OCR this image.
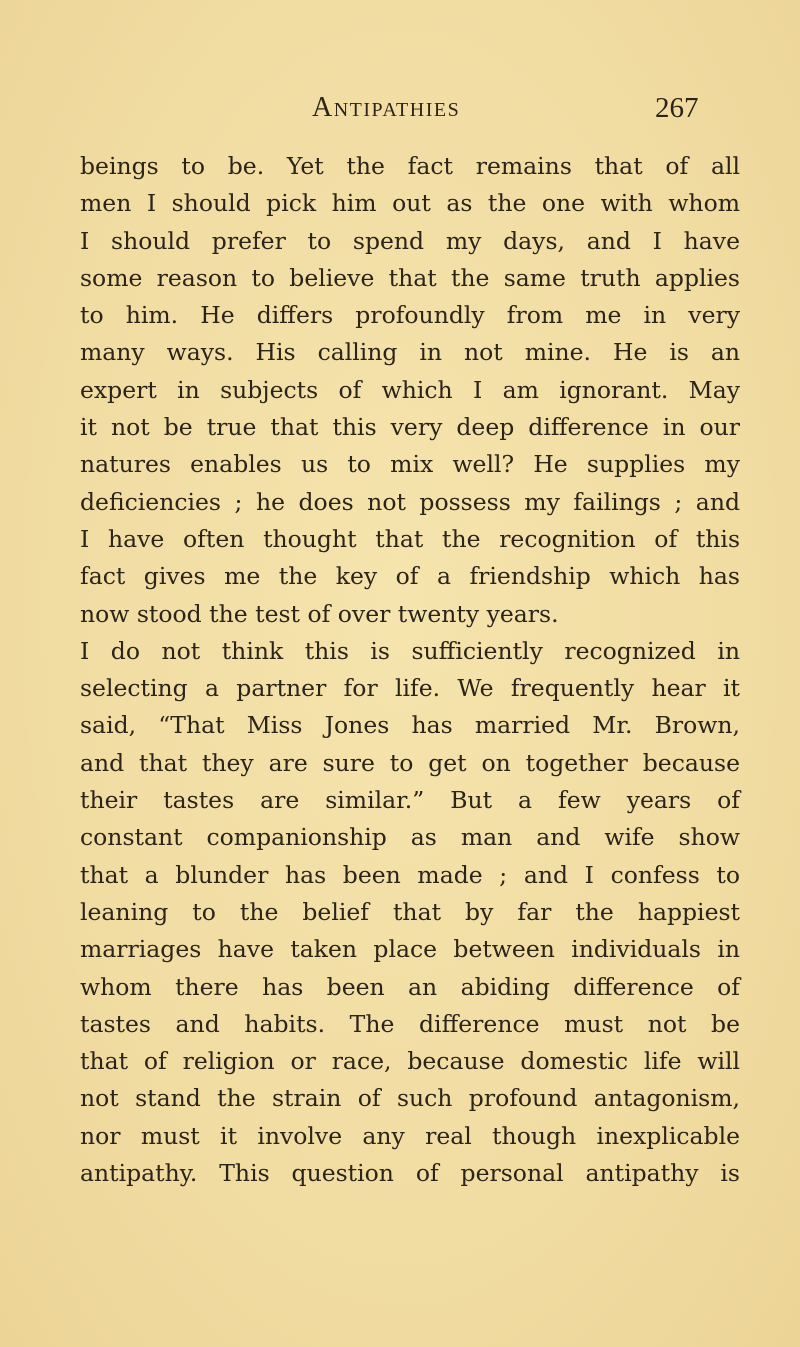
Antipathies	267
beings to be. Yet the fact remains that of all
men I should pick him out as the one with whom
I should prefer to spend my days, and I have
some reason to believe that the same truth applies
to him. He differs profoundly from me in very
many ways. His calling in not mine. He is an
expert in subjects of which I am ignorant. May
it not be true that this very deep difference in our
natures enables us to mix well? He supplies my
deficiencies ; he does not possess my failings ; and
I have often thought that the recognition of this
fact gives me the key of a friendship which has
now stood the test of over twenty years.
I do not think this is sufficiently recognized in
selecting a partner for life. We frequently hear it
said, “That Miss Jones has married Mr. Brown,
and that they are sure to get on together because
their tastes are similar.” But a few years of
constant companionship as man and wife show
that a blunder has been made ; and I confess to
leaning to the belief that by far the happiest
marriages have taken place between individuals in
whom there has been an abiding difference of
tastes and habits. The difference must not be
that of religion or race, because domestic life will
not stand the strain of such profound antagonism,
nor must it involve any real though inexplicable
antipathy. This question of personal antipathy is
